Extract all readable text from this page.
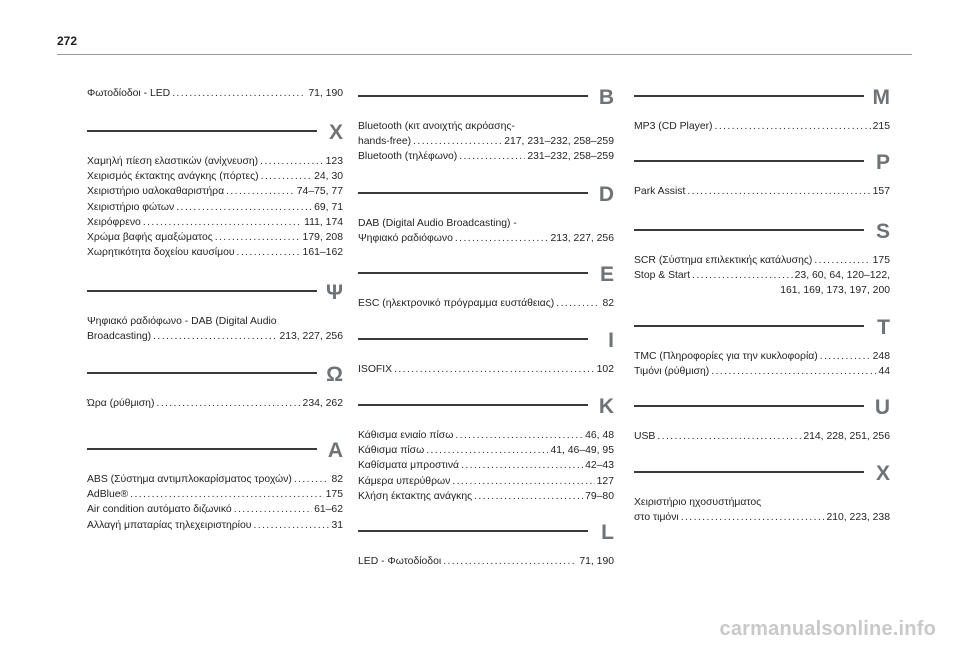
272
Φωτοδίοδοι - LED .....	71, 190
Χ
Χαμηλή πίεση ελαστικών (ανίχνευση) .....	123
Χειρισμός έκτακτης ανάγκης (πόρτες) .....	24, 30
Χειριστήριο υαλοκαθαριστήρα .....	74–75, 77
Χειριστήριο φώτων .....	69, 71
Χειρόφρενο .....	111, 174
Χρώμα βαφής αμαξώματος .....	179, 208
Χωρητικότητα δοχείου καυσίμου .....	161–162
Ψ
Ψηφιακό ραδιόφωνο - DAB (Digital Audio
Broadcasting) .....	213, 227, 256
Ω
Ώρα (ρύθμιση) .....	234, 262
A
ABS (Σύστημα αντιμπλοκαρίσματος τροχών) .....	82
AdBlue® .....	175
Air condition αυτόματο διζωνικό .....	61–62
Αλλαγή μπαταρίας τηλεχειριστηρίου .....	31
B
Bluetooth (κιτ ανοιχτής ακρόασης-
hands-free) .....	217, 231–232, 258–259
Bluetooth (τηλέφωνο) .....	231–232, 258–259
D
DAB (Digital Audio Broadcasting) -
Ψηφιακό ραδιόφωνο .....	213, 227, 256
E
ESC (ηλεκτρονικό πρόγραμμα ευστάθειας) .....	82
I
ISOFIX .....	102
K
Κάθισμα ενιαίο πίσω .....	46, 48
Κάθισμα πίσω .....	41, 46–49, 95
Καθίσματα μπροστινά .....	42–43
Κάμερα υπερύθρων .....	127
Κλήση έκτακτης ανάγκης .....	79–80
L
LED - Φωτοδίοδοι .....	71, 190
M
MP3 (CD Player) .....	215
P
Park Assist .....	157
S
SCR (Σύστημα επιλεκτικής κατάλυσης) .....	175
Stop & Start .....	23, 60, 64, 120–122,
161, 169, 173, 197, 200
T
TMC (Πληροφορίες για την κυκλοφορία) .....	248
Τιμόνι (ρύθμιση) .....	44
U
USB .....	214, 228, 251, 256
X
Χειριστήριο ηχοσυστήματος
στο τιμόνι .....	210, 223, 238
carmanualsonline.info
